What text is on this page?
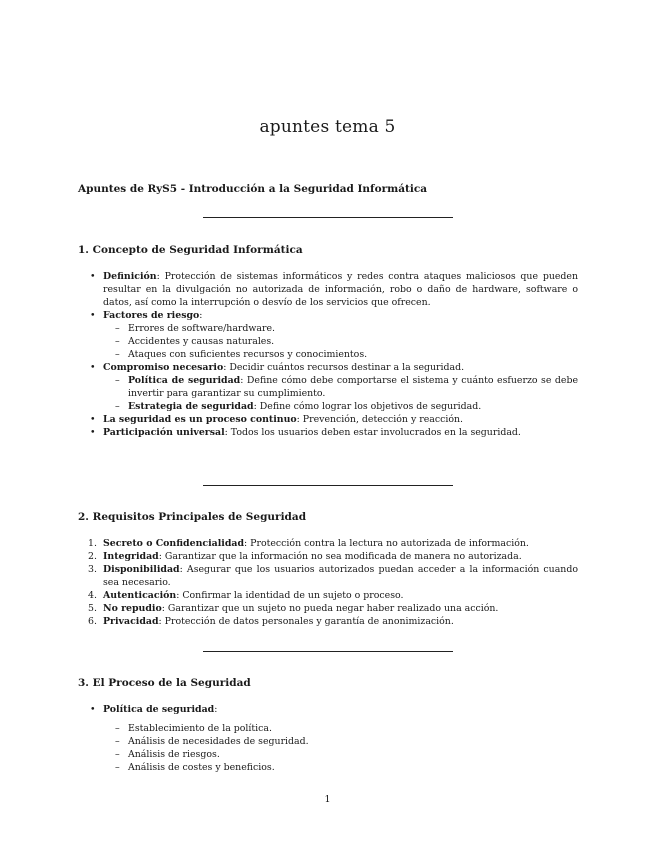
apuntes tema 5
Apuntes de RyS5 - Introducción a la Seguridad Informática
1. Concepto de Seguridad Informática
• Definición: Protección de sistemas informáticos y redes contra ataques maliciosos que pueden resultar en la divulgación no autorizada de información, robo o daño de hardware, software o datos, así como la interrupción o desvío de los servicios que ofrecen.
• Factores de riesgo:
– Errores de software/hardware.
– Accidentes y causas naturales.
– Ataques con suficientes recursos y conocimientos.
• Compromiso necesario: Decidir cuántos recursos destinar a la seguridad.
– Política de seguridad: Define cómo debe comportarse el sistema y cuánto esfuerzo se debe invertir para garantizar su cumplimiento.
– Estrategia de seguridad: Define cómo lograr los objetivos de seguridad.
• La seguridad es un proceso continuo: Prevención, detección y reacción.
• Participación universal: Todos los usuarios deben estar involucrados en la seguridad.
2. Requisitos Principales de Seguridad
1. Secreto o Confidencialidad: Protección contra la lectura no autorizada de información.
2. Integridad: Garantizar que la información no sea modificada de manera no autorizada.
3. Disponibilidad: Asegurar que los usuarios autorizados puedan acceder a la información cuando sea necesario.
4. Autenticación: Confirmar la identidad de un sujeto o proceso.
5. No repudio: Garantizar que un sujeto no pueda negar haber realizado una acción.
6. Privacidad: Protección de datos personales y garantía de anonimización.
3. El Proceso de la Seguridad
• Política de seguridad:
– Establecimiento de la política.
– Análisis de necesidades de seguridad.
– Análisis de riesgos.
– Análisis de costes y beneficios.
1
